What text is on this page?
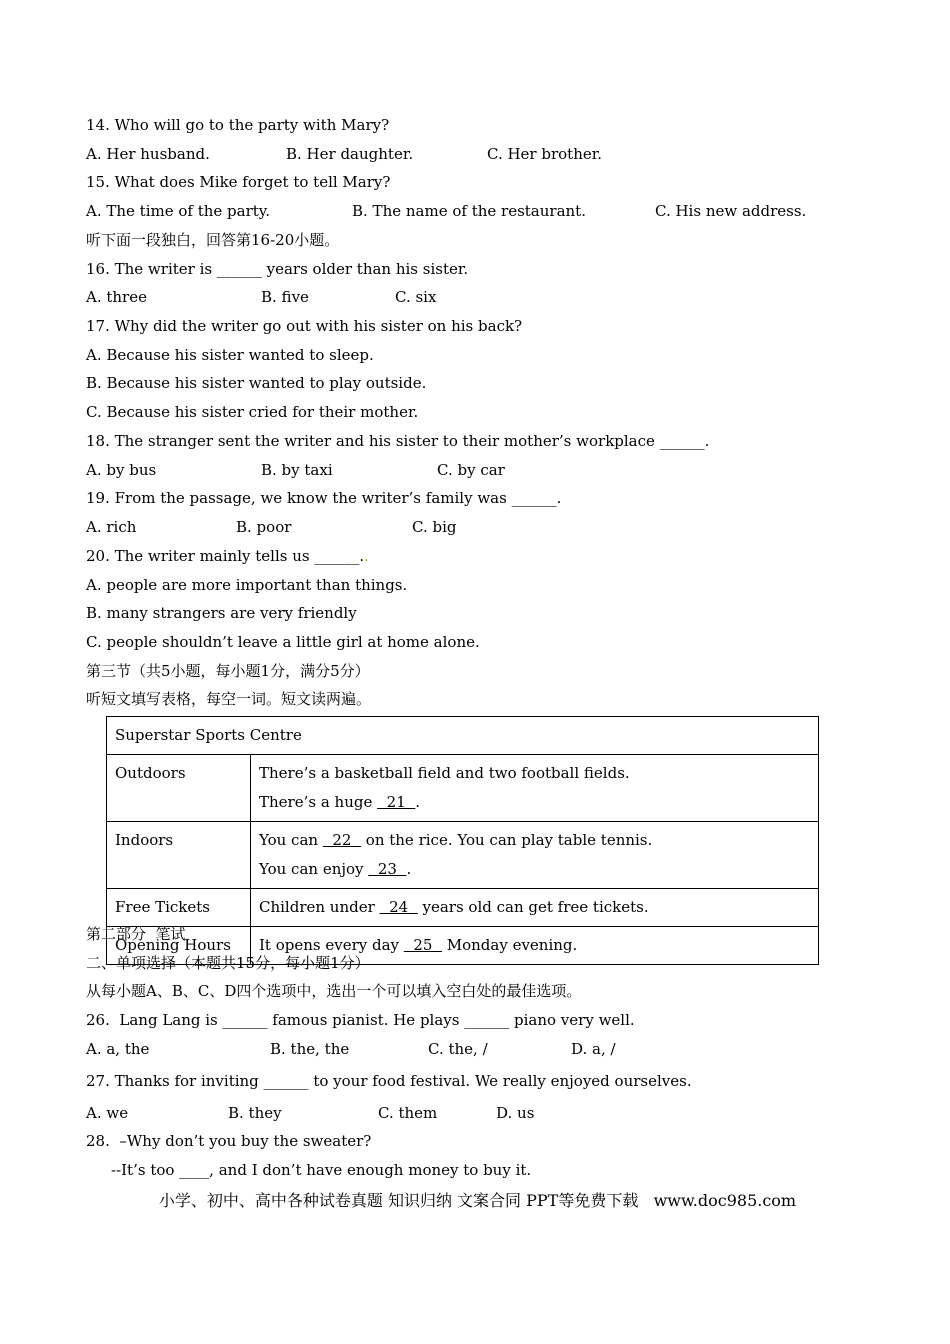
14. Who will go to the party with Mary?
A. Her husband.	B. Her daughter.	C. Her brother.
15. What does Mike forget to tell Mary?
A. The time of the party.	B. The name of the restaurant.	C. His new address.
听下面一段独白，回答第16-20小题。
16. The writer is ______ years older than his sister.
A. three	B. five	C. six
17. Why did the writer go out with his sister on his back?
A. Because his sister wanted to sleep.
B. Because his sister wanted to play outside.
C. Because his sister cried for their mother.
18. The stranger sent the writer and his sister to their mother’s workplace ______.
A. by bus	B. by taxi	C. by car
19. From the passage, we know the writer’s family was ______.
A. rich	B. poor	C. big
20. The writer mainly tells us ______..
A. people are more important than things.
B. many strangers are very friendly
C. people shouldn’t leave a little girl at home alone.
第三节（共5小题，每小题1分，满分5分）
听短文填写表格，每空一词。短文读两遍。
Superstar Sports Centre	
Outdoors	There’s a basketball field and two football fields.
There’s a huge   21  .

Indoors	You can   22   on the rice. You can play table tennis.
You can enjoy   23  .

Free Tickets	Children under   24   years old can get free tickets.
Opening Hours	It opens every day   25   Monday evening.
第二部分  笔试
二、单项选择（本题共15分，每小题1分）
从每小题A、B、C、D四个选项中，选出一个可以填入空白处的最佳选项。
26.  Lang Lang is ______ famous pianist. He plays ______ piano very well.
A. a, the	B. the, the	C. the, /	D. a, /
27. Thanks for inviting ______ to your food festival. We really enjoyed ourselves.
A. we	B. they	C. them	D. us
28.  –Why don’t you buy the sweater?
--It’s too ____, and I don’t have enough money to buy it.
小学、初中、高中各种试卷真题 知识归纳 文案合同 PPT等免费下载   www.doc985.com
